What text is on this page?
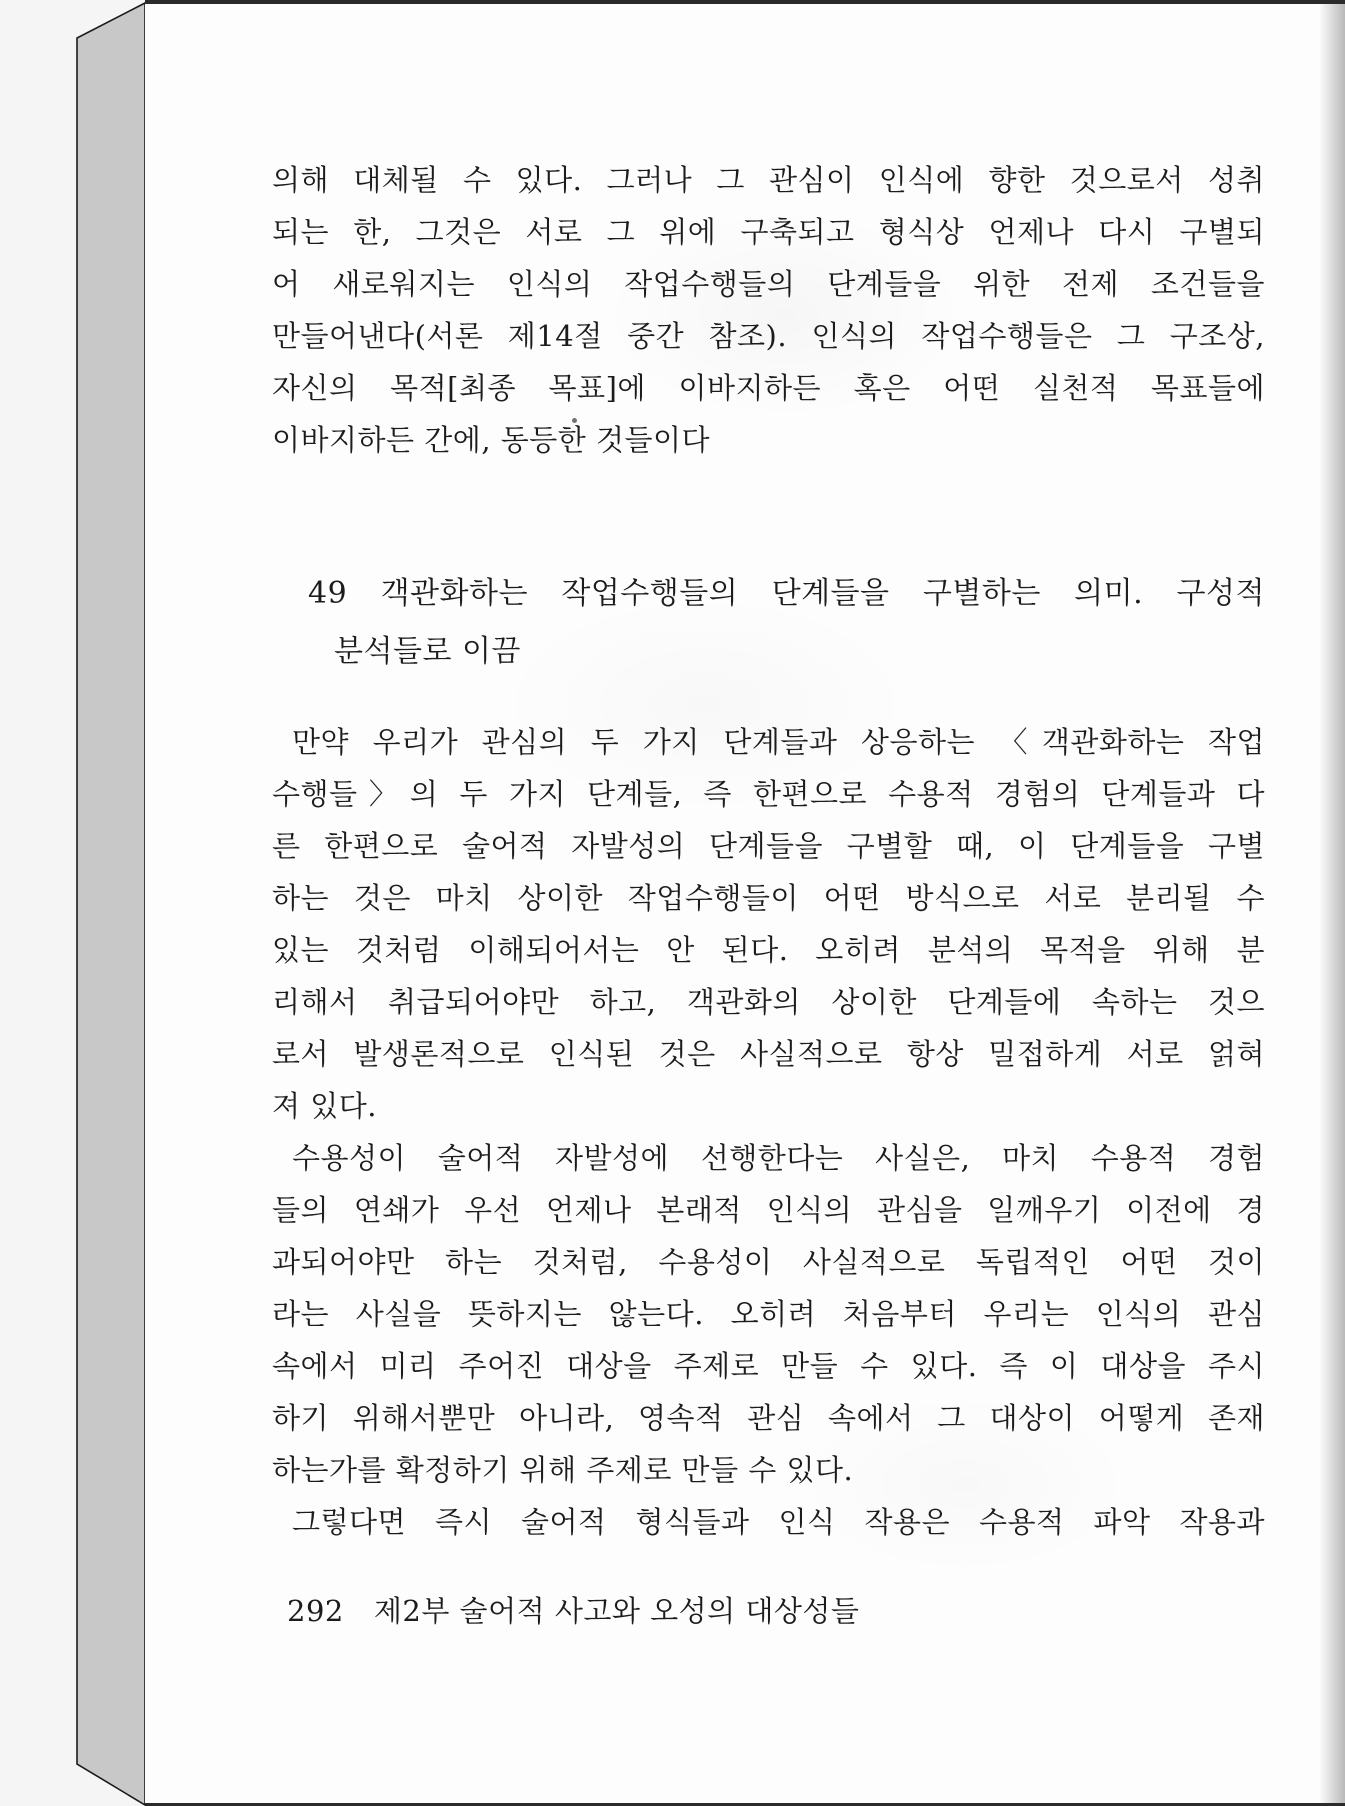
의해 대체될 수 있다. 그러나 그 관심이 인식에 향한 것으로서 성취
되는 한, 그것은 서로 그 위에 구축되고 형식상 언제나 다시 구별되
어 새로워지는 인식의 작업수행들의 단계들을 위한 전제 조건들을
만들어낸다(서론 제14절 중간 참조). 인식의 작업수행들은 그 구조상,
자신의 목적[최종 목표]에 이바지하든 혹은 어떤 실천적 목표들에
이바지하든 간에, 동등한 것들이다
만약 우리가 관심의 두 가지 단계들과 상응하는 〈객관화하는 작업
수행들〉의 두 가지 단계들, 즉 한편으로 수용적 경험의 단계들과 다
른 한편으로 술어적 자발성의 단계들을 구별할 때, 이 단계들을 구별
하는 것은 마치 상이한 작업수행들이 어떤 방식으로 서로 분리될 수
있는 것처럼 이해되어서는 안 된다. 오히려 분석의 목적을 위해 분
리해서 취급되어야만 하고, 객관화의 상이한 단계들에 속하는 것으
로서 발생론적으로 인식된 것은 사실적으로 항상 밀접하게 서로 얽혀
져 있다.
수용성이 술어적 자발성에 선행한다는 사실은, 마치 수용적 경험
들의 연쇄가 우선 언제나 본래적 인식의 관심을 일깨우기 이전에 경
과되어야만 하는 것처럼, 수용성이 사실적으로 독립적인 어떤 것이
라는 사실을 뜻하지는 않는다. 오히려 처음부터 우리는 인식의 관심
속에서 미리 주어진 대상을 주제로 만들 수 있다. 즉 이 대상을 주시
하기 위해서뿐만 아니라, 영속적 관심 속에서 그 대상이 어떻게 존재
하는가를 확정하기 위해 주제로 만들 수 있다.
그렇다면 즉시 술어적 형식들과 인식 작용은 수용적 파악 작용과
49 객관화하는 작업수행들의 단계들을 구별하는 의미. 구성적
분석들로 이끔
292 제2부 술어적 사고와 오성의 대상성들
